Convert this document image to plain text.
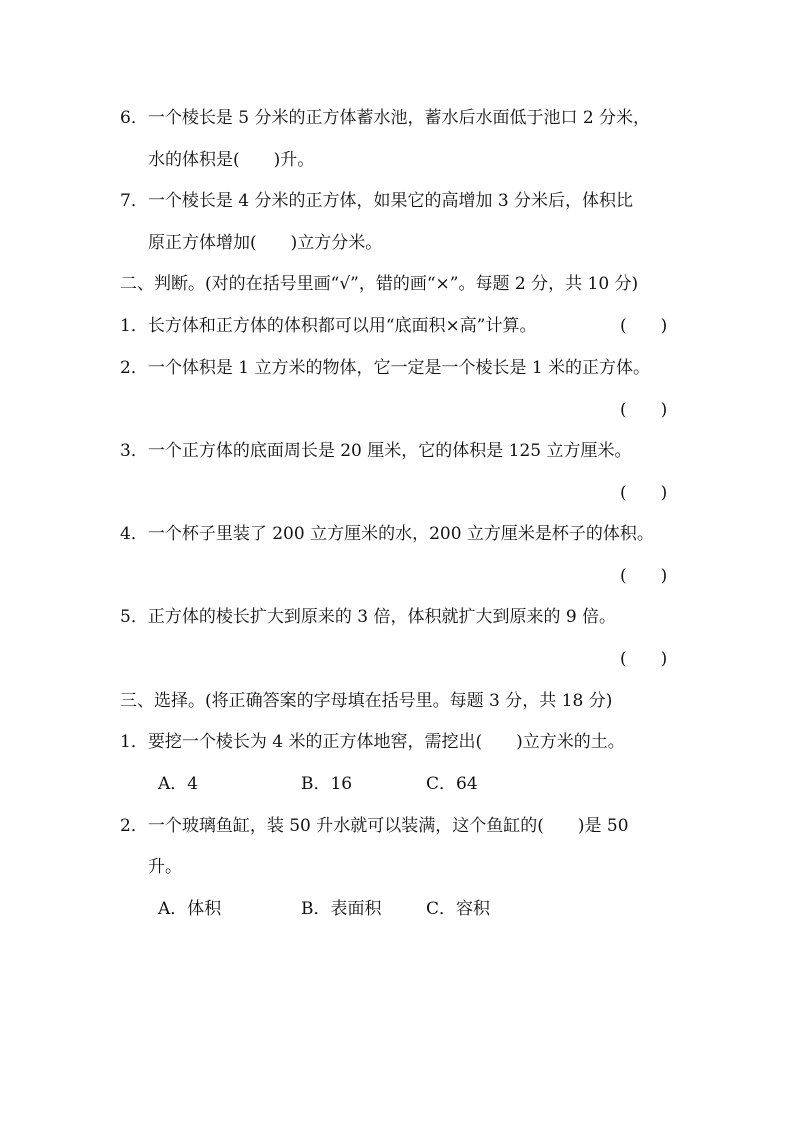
6．一个棱长是 5 分米的正方体蓄水池，蓄水后水面低于池口 2 分米，
水的体积是(　　)升。
7．一个棱长是 4 分米的正方体，如果它的高增加 3 分米后，体积比
原正方体增加(　　)立方分米。
二、判断。(对的在括号里画“√”，错的画“×”。每题 2 分，共 10 分)
1．长方体和正方体的体积都可以用“底面积×高”计算。	(　　)
2．一个体积是 1 立方米的物体，它一定是一个棱长是 1 米的正方体。
(　　)
3．一个正方体的底面周长是 20 厘米，它的体积是 125 立方厘米。
(　　)
4．一个杯子里装了 200 立方厘米的水，200 立方厘米是杯子的体积。
(　　)
5．正方体的棱长扩大到原来的 3 倍，体积就扩大到原来的 9 倍。
(　　)
三、选择。(将正确答案的字母填在括号里。每题 3 分，共 18 分)
1．要挖一个棱长为 4 米的正方体地窖，需挖出(　　)立方米的土。
A．4	B．16	C．64
2．一个玻璃鱼缸，装 50 升水就可以装满，这个鱼缸的(　　)是 50
升。
A．体积	B．表面积	C．容积
